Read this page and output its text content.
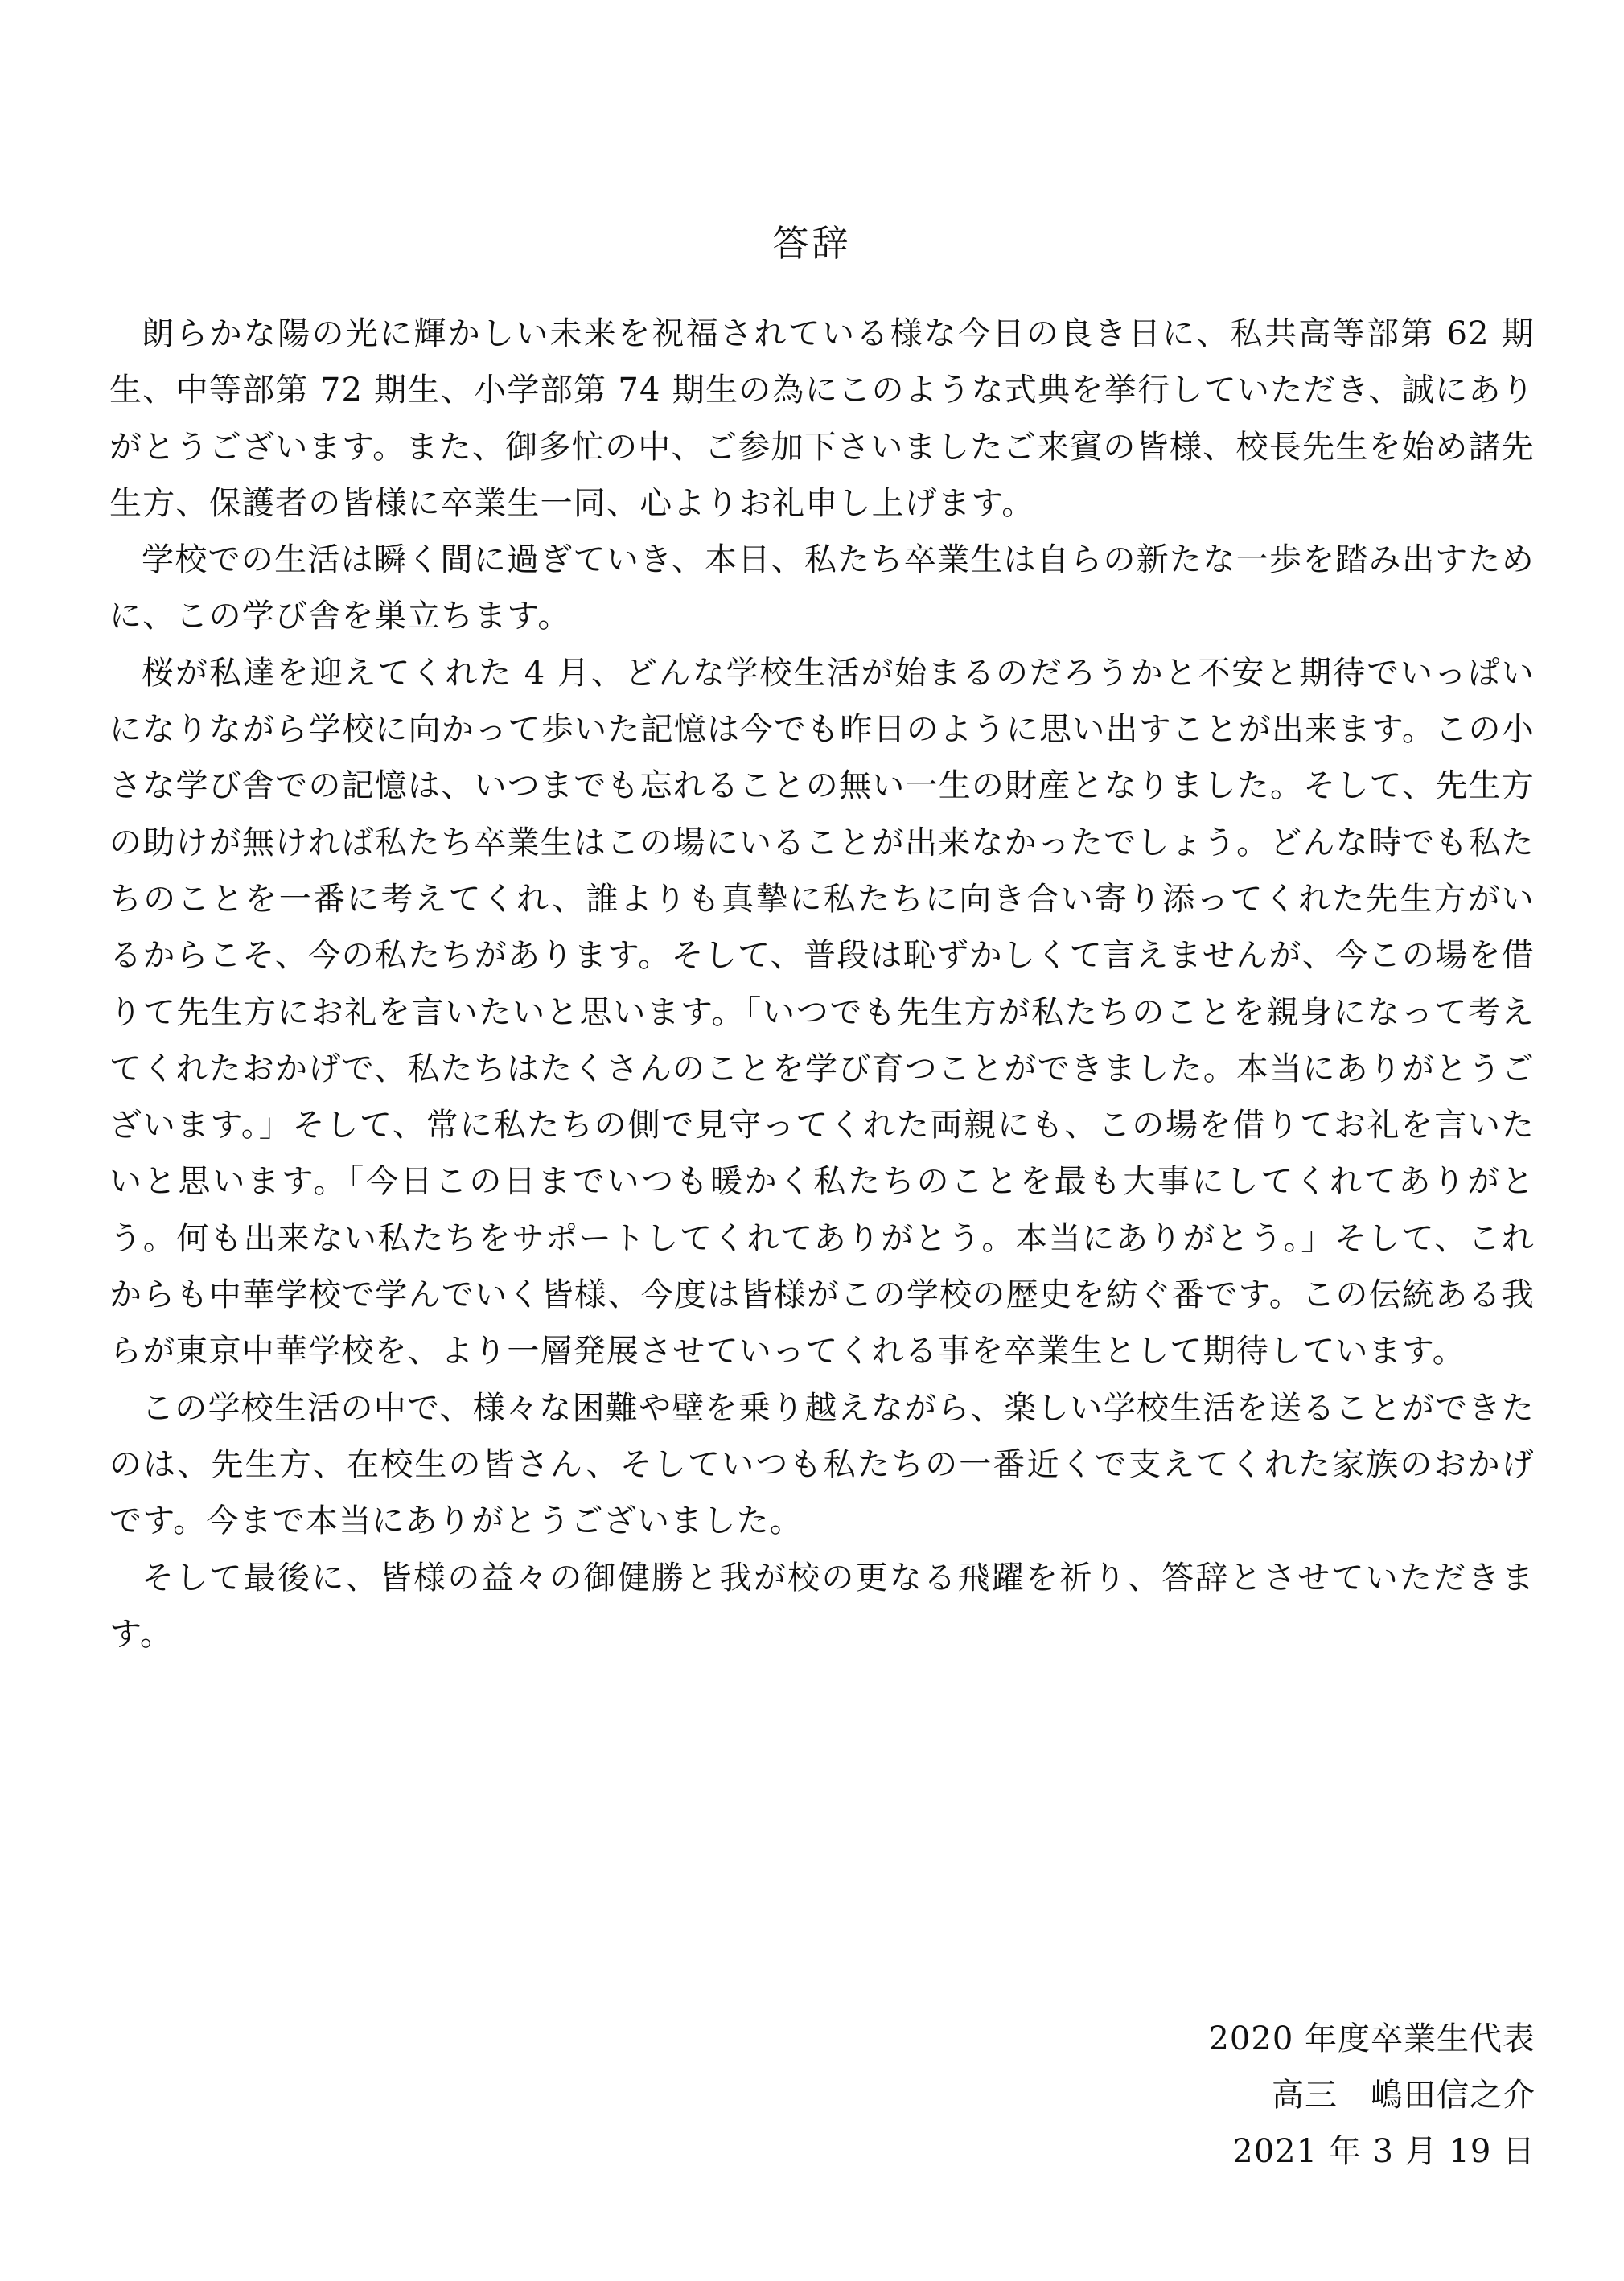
答辞

朗らかな陽の光に輝かしい未来を祝福されている様な今日の良き日に、私共高等部第 62 期生、中等部第 72 期生、小学部第 74 期生の為にこのような式典を挙行していただき、誠にありがとうございます。また、御多忙の中、ご参加下さいましたご来賓の皆様、校長先生を始め諸先生方、保護者の皆様に卒業生一同、心よりお礼申し上げます。

学校での生活は瞬く間に過ぎていき、本日、私たち卒業生は自らの新たな一歩を踏み出すために、この学び舎を巣立ちます。

桜が私達を迎えてくれた 4 月、どんな学校生活が始まるのだろうかと不安と期待でいっぱいになりながら学校に向かって歩いた記憶は今でも昨日のように思い出すことが出来ます。この小さな学び舎での記憶は、いつまでも忘れることの無い一生の財産となりました。そして、先生方の助けが無ければ私たち卒業生はこの場にいることが出来なかったでしょう。どんな時でも私たちのことを一番に考えてくれ、誰よりも真摯に私たちに向き合い寄り添ってくれた先生方がいるからこそ、今の私たちがあります。そして、普段は恥ずかしくて言えませんが、今この場を借りて先生方にお礼を言いたいと思います。「いつでも先生方が私たちのことを親身になって考えてくれたおかげで、私たちはたくさんのことを学び育つことができました。本当にありがとうございます。」そして、常に私たちの側で見守ってくれた両親にも、この場を借りてお礼を言いたいと思います。「今日この日までいつも暖かく私たちのことを最も大事にしてくれてありがとう。何も出来ない私たちをサポートしてくれてありがとう。本当にありがとう。」そして、これからも中華学校で学んでいく皆様、今度は皆様がこの学校の歴史を紡ぐ番です。この伝統ある我らが東京中華学校を、より一層発展させていってくれる事を卒業生として期待しています。

この学校生活の中で、様々な困難や壁を乗り越えながら、楽しい学校生活を送ることができたのは、先生方、在校生の皆さん、そしていつも私たちの一番近くで支えてくれた家族のおかげです。今まで本当にありがとうございました。

そして最後に、皆様の益々の御健勝と我が校の更なる飛躍を祈り、答辞とさせていただきます。

2020 年度卒業生代表
高三　嶋田信之介
2021 年 3 月 19 日
